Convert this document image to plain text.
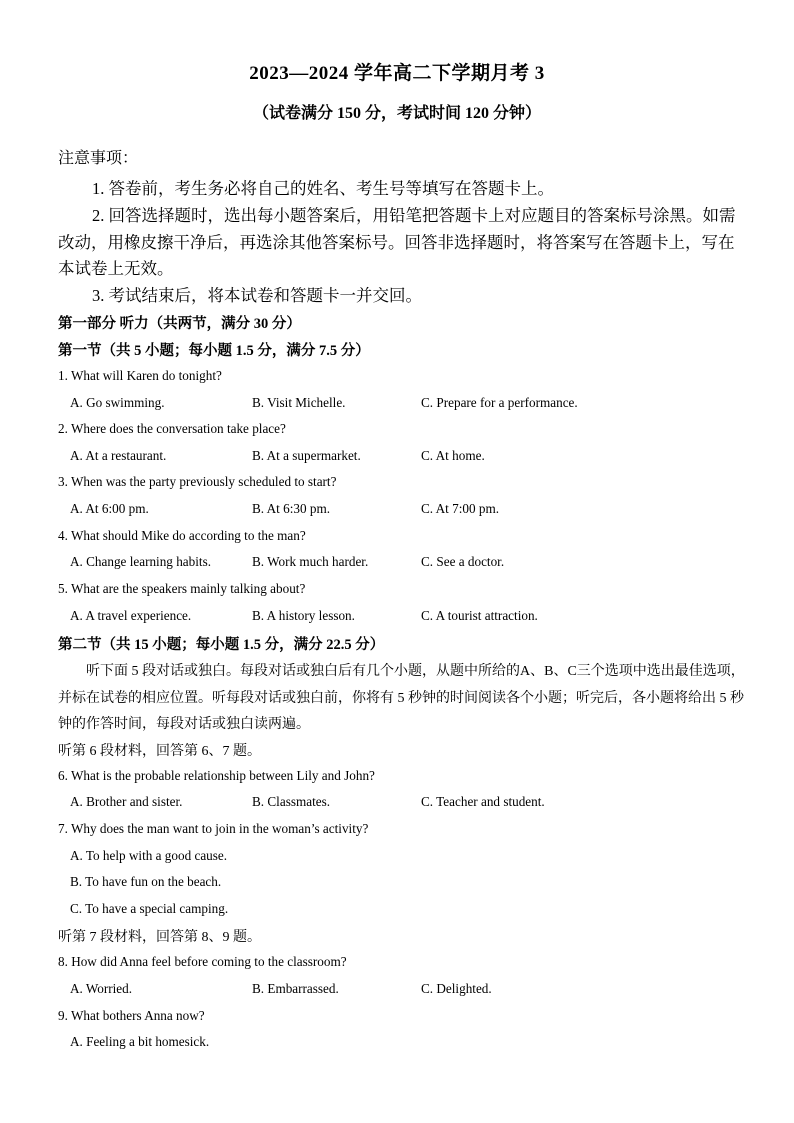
2023—2024 学年高二下学期月考 3
（试卷满分 150 分，考试时间 120 分钟）
注意事项：
1. 答卷前，考生务必将自己的姓名、考生号等填写在答题卡上。
2. 回答选择题时，选出每小题答案后，用铅笔把答题卡上对应题目的答案标号涂黑。如需改动，用橡皮擦干净后，再选涂其他答案标号。回答非选择题时，将答案写在答题卡上，写在本试卷上无效。
3. 考试结束后，将本试卷和答题卡一并交回。
第一部分 听力（共两节，满分 30 分）
第一节（共 5 小题；每小题 1.5 分，满分 7.5 分）
1. What will Karen do tonight?
A. Go swimming.	B. Visit Michelle.	C. Prepare for a performance.
2. Where does the conversation take place?
A. At a restaurant.	B. At a supermarket.	C. At home.
3. When was the party previously scheduled to start?
A. At 6:00 pm.	B. At 6:30 pm.	C. At 7:00 pm.
4. What should Mike do according to the man?
A. Change learning habits.	B. Work much harder.	C. See a doctor.
5. What are the speakers mainly talking about?
A. A travel experience.	B. A history lesson.	C. A tourist attraction.
第二节（共 15 小题；每小题 1.5 分，满分 22.5 分）
听下面 5 段对话或独白。每段对话或独白后有几个小题，从题中所给的A、B、C三个选项中选出最佳选项，并标在试卷的相应位置。听每段对话或独白前，你将有 5 秒钟的时间阅读各个小题；听完后，各小题将给出 5 秒钟的作答时间，每段对话或独白读两遍。
听第 6 段材料，回答第 6、7 题。
6. What is the probable relationship between Lily and John?
A. Brother and sister.	B. Classmates.	C. Teacher and student.
7. Why does the man want to join in the woman’s activity?
A. To help with a good cause.
B. To have fun on the beach.
C. To have a special camping.
听第 7 段材料，回答第 8、9 题。
8. How did Anna feel before coming to the classroom?
A. Worried.	B. Embarrassed.	C. Delighted.
9. What bothers Anna now?
A. Feeling a bit homesick.
